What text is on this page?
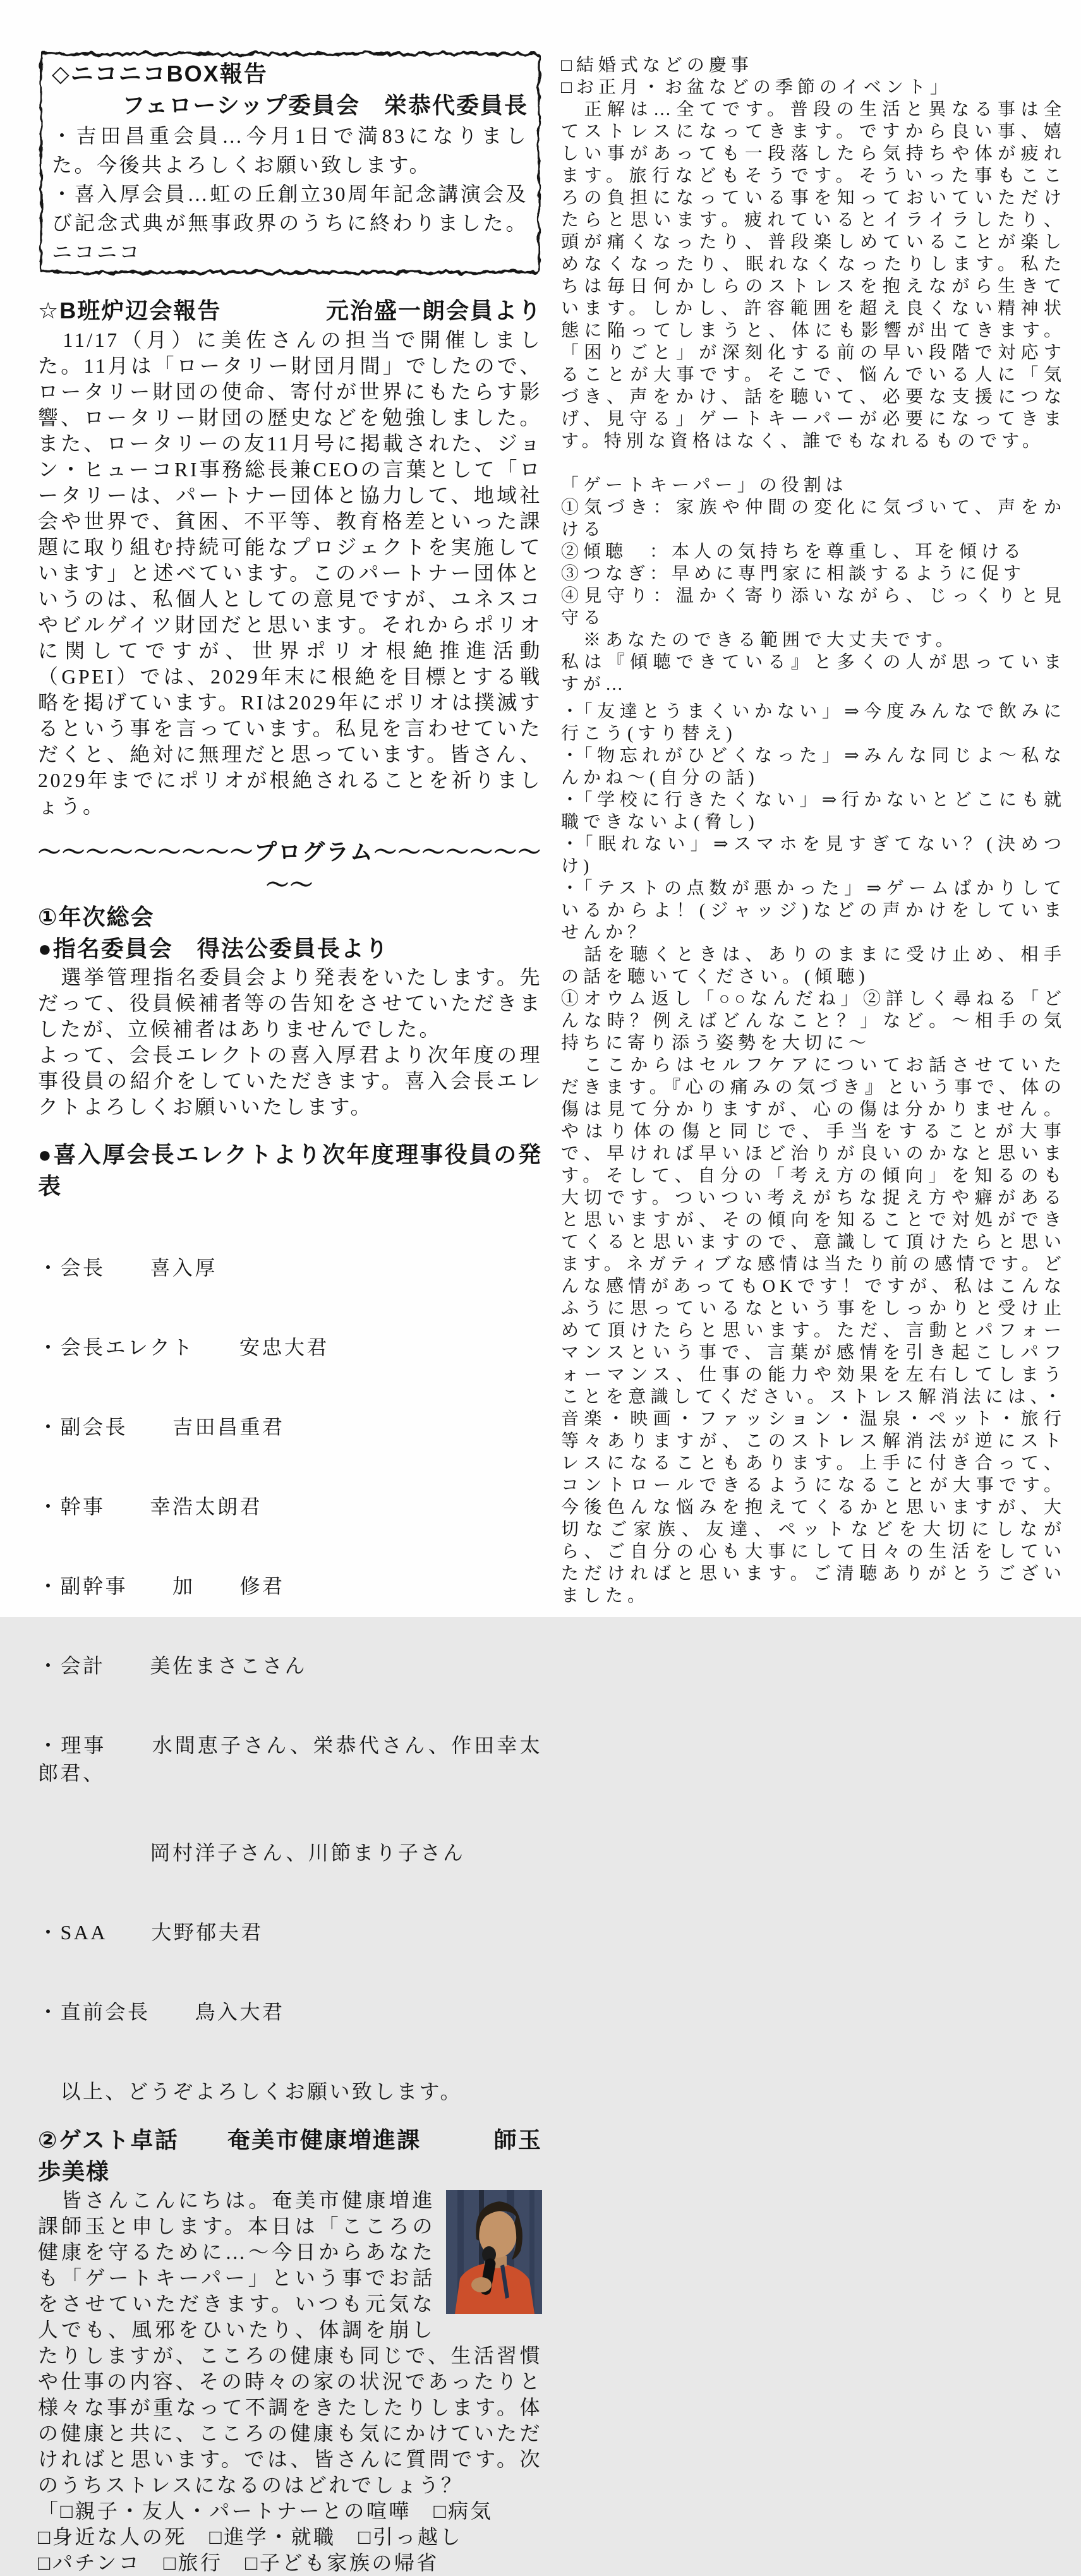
◇ニコニコBOX報告
フェローシップ委員会　栄恭代委員長
・吉田昌重会員…今月1日で満83になりました。今後共よろしくお願い致します。
・喜入厚会員…虹の丘創立30周年記念講演会及び記念式典が無事政界のうちに終わりました。ニコニコ
☆B班炉辺会報告	元治盛一朗会員より
　11/17（月）に美佐さんの担当で開催しました。11月は「ロータリー財団月間」でしたので、ロータリー財団の使命、寄付が世界にもたらす影響、ロータリー財団の歴史などを勉強しました。また、ロータリーの友11月号に掲載された、ジョン・ヒューコRI事務総長兼CEOの言葉として「ロータリーは、パートナー団体と協力して、地域社会や世界で、貧困、不平等、教育格差といった課題に取り組む持続可能なプロジェクトを実施しています」と述べています。このパートナー団体というのは、私個人としての意見ですが、ユネスコやビルゲイツ財団だと思います。それからポリオに関してですが、世界ポリオ根絶推進活動（GPEI）では、2029年末に根絶を目標とする戦略を掲げています。RIは2029年にポリオは撲滅するという事を言っています。私見を言わせていただくと、絶対に無理だと思っています。皆さん、2029年までにポリオが根絶されることを祈りましょう。
～～～～～～～～～プログラム～～～～～～～～～
①年次総会
●指名委員会　得法公委員長より
　選挙管理指名委員会より発表をいたします。先だって、役員候補者等の告知をさせていただきましたが、立候補者はありませんでした。
よって、会長エレクトの喜入厚君より次年度の理事役員の紹介をしていただきます。喜入会長エレクトよろしくお願いいたします。
●喜入厚会長エレクトより次年度理事役員の発表

・会長　　喜入厚

・会長エレクト　　安忠大君

・副会長　　吉田昌重君

・幹事　　幸浩太朗君

・副幹事　　加　　修君

・会計　　美佐まさこさん

・理事　　水間恵子さん、栄恭代さん、作田幸太郎君、

　　　　　岡村洋子さん、川節まり子さん

・SAA　　大野郁夫君

・直前会長　　鳥入大君

　以上、どうぞよろしくお願い致します。
②ゲスト卓話　　奄美市健康増進課　　　師玉　歩美様
　皆さんこんにちは。奄美市健康増進課師玉と申します。本日は「こころの健康を守るために…～今日からあなたも「ゲートキーパー」という事でお話をさせていただきます。いつも元気な人でも、風邪をひいたり、体調を崩したりしますが、こころの健康も同じで、生活習慣や仕事の内容、その時々の家の状況であったりと様々な事が重なって不調をきたしたりします。体の健康と共に、こころの健康も気にかけていただければと思います。では、皆さんに質問です。次のうちストレスになるのはどれでしょう？
「□親子・友人・パートナーとの喧嘩　□病気
□身近な人の死　□進学・就職　□引っ越し
□パチンコ　□旅行　□子ども家族の帰省
□結婚式などの慶事
□お正月・お盆などの季節のイベント」
　正解は…全てです。普段の生活と異なる事は全てストレスになってきます。ですから良い事、嬉しい事があっても一段落したら気持ちや体が疲れます。旅行などもそうです。そういった事もこころの負担になっている事を知っておいていただけたらと思います。疲れているとイライラしたり、頭が痛くなったり、普段楽しめていることが楽しめなくなったり、眠れなくなったりします。私たちは毎日何かしらのストレスを抱えながら生きています。しかし、許容範囲を超え良くない精神状態に陥ってしまうと、体にも影響が出てきます。「困りごと」が深刻化する前の早い段階で対応することが大事です。そこで、悩んでいる人に「気づき、声をかけ、話を聴いて、必要な支援につなげ、見守る」ゲートキーパーが必要になってきます。特別な資格はなく、誰でもなれるものです。
「ゲートキーパー」の役割は
①気づき：家族や仲間の変化に気づいて、声をかける
②傾聴　：本人の気持ちを尊重し、耳を傾ける
③つなぎ：早めに専門家に相談するように促す
④見守り：温かく寄り添いながら、じっくりと見守る
　※あなたのできる範囲で大丈夫です。
私は『傾聴できている』と多くの人が思っていますが…
・「友達とうまくいかない」⇒今度みんなで飲みに行こう(すり替え)
・「物忘れがひどくなった」⇒みんな同じよ～私なんかね～(自分の話)
・「学校に行きたくない」⇒行かないとどこにも就職できないよ(脅し)
・「眠れない」⇒スマホを見すぎてない？(決めつけ)
・「テストの点数が悪かった」⇒ゲームばかりしているからよ！(ジャッジ)などの声かけをしていませんか？
　話を聴くときは、ありのままに受け止め、相手の話を聴いてください。(傾聴)
①オウム返し「○○なんだね」②詳しく尋ねる「どんな時？例えばどんなこと？」など。～相手の気持ちに寄り添う姿勢を大切に～
　ここからはセルフケアについてお話させていただきます。『心の痛みの気づき』という事で、体の傷は見て分かりますが、心の傷は分かりません。やはり体の傷と同じで、手当をすることが大事で、早ければ早いほど治りが良いのかなと思います。そして、自分の「考え方の傾向」を知るのも大切です。ついつい考えがちな捉え方や癖があると思いますが、その傾向を知ることで対処ができてくると思いますので、意識して頂けたらと思います。ネガティブな感情は当たり前の感情です。どんな感情があってもOKです！ですが、私はこんなふうに思っているなという事をしっかりと受け止めて頂けたらと思います。ただ、言動とパフォーマンスという事で、言葉が感情を引き起こしパフォーマンス、仕事の能力や効果を左右してしまうことを意識してください。ストレス解消法には、・音楽・映画・ファッション・温泉・ペット・旅行等々ありますが、このストレス解消法が逆にストレスになることもあります。上手に付き合って、コントロールできるようになることが大事です。今後色んな悩みを抱えてくるかと思いますが、大切なご家族、友達、ペットなどを大切にしながら、ご自分の心も大事にして日々の生活をしていただければと思います。ご清聴ありがとうございました。
